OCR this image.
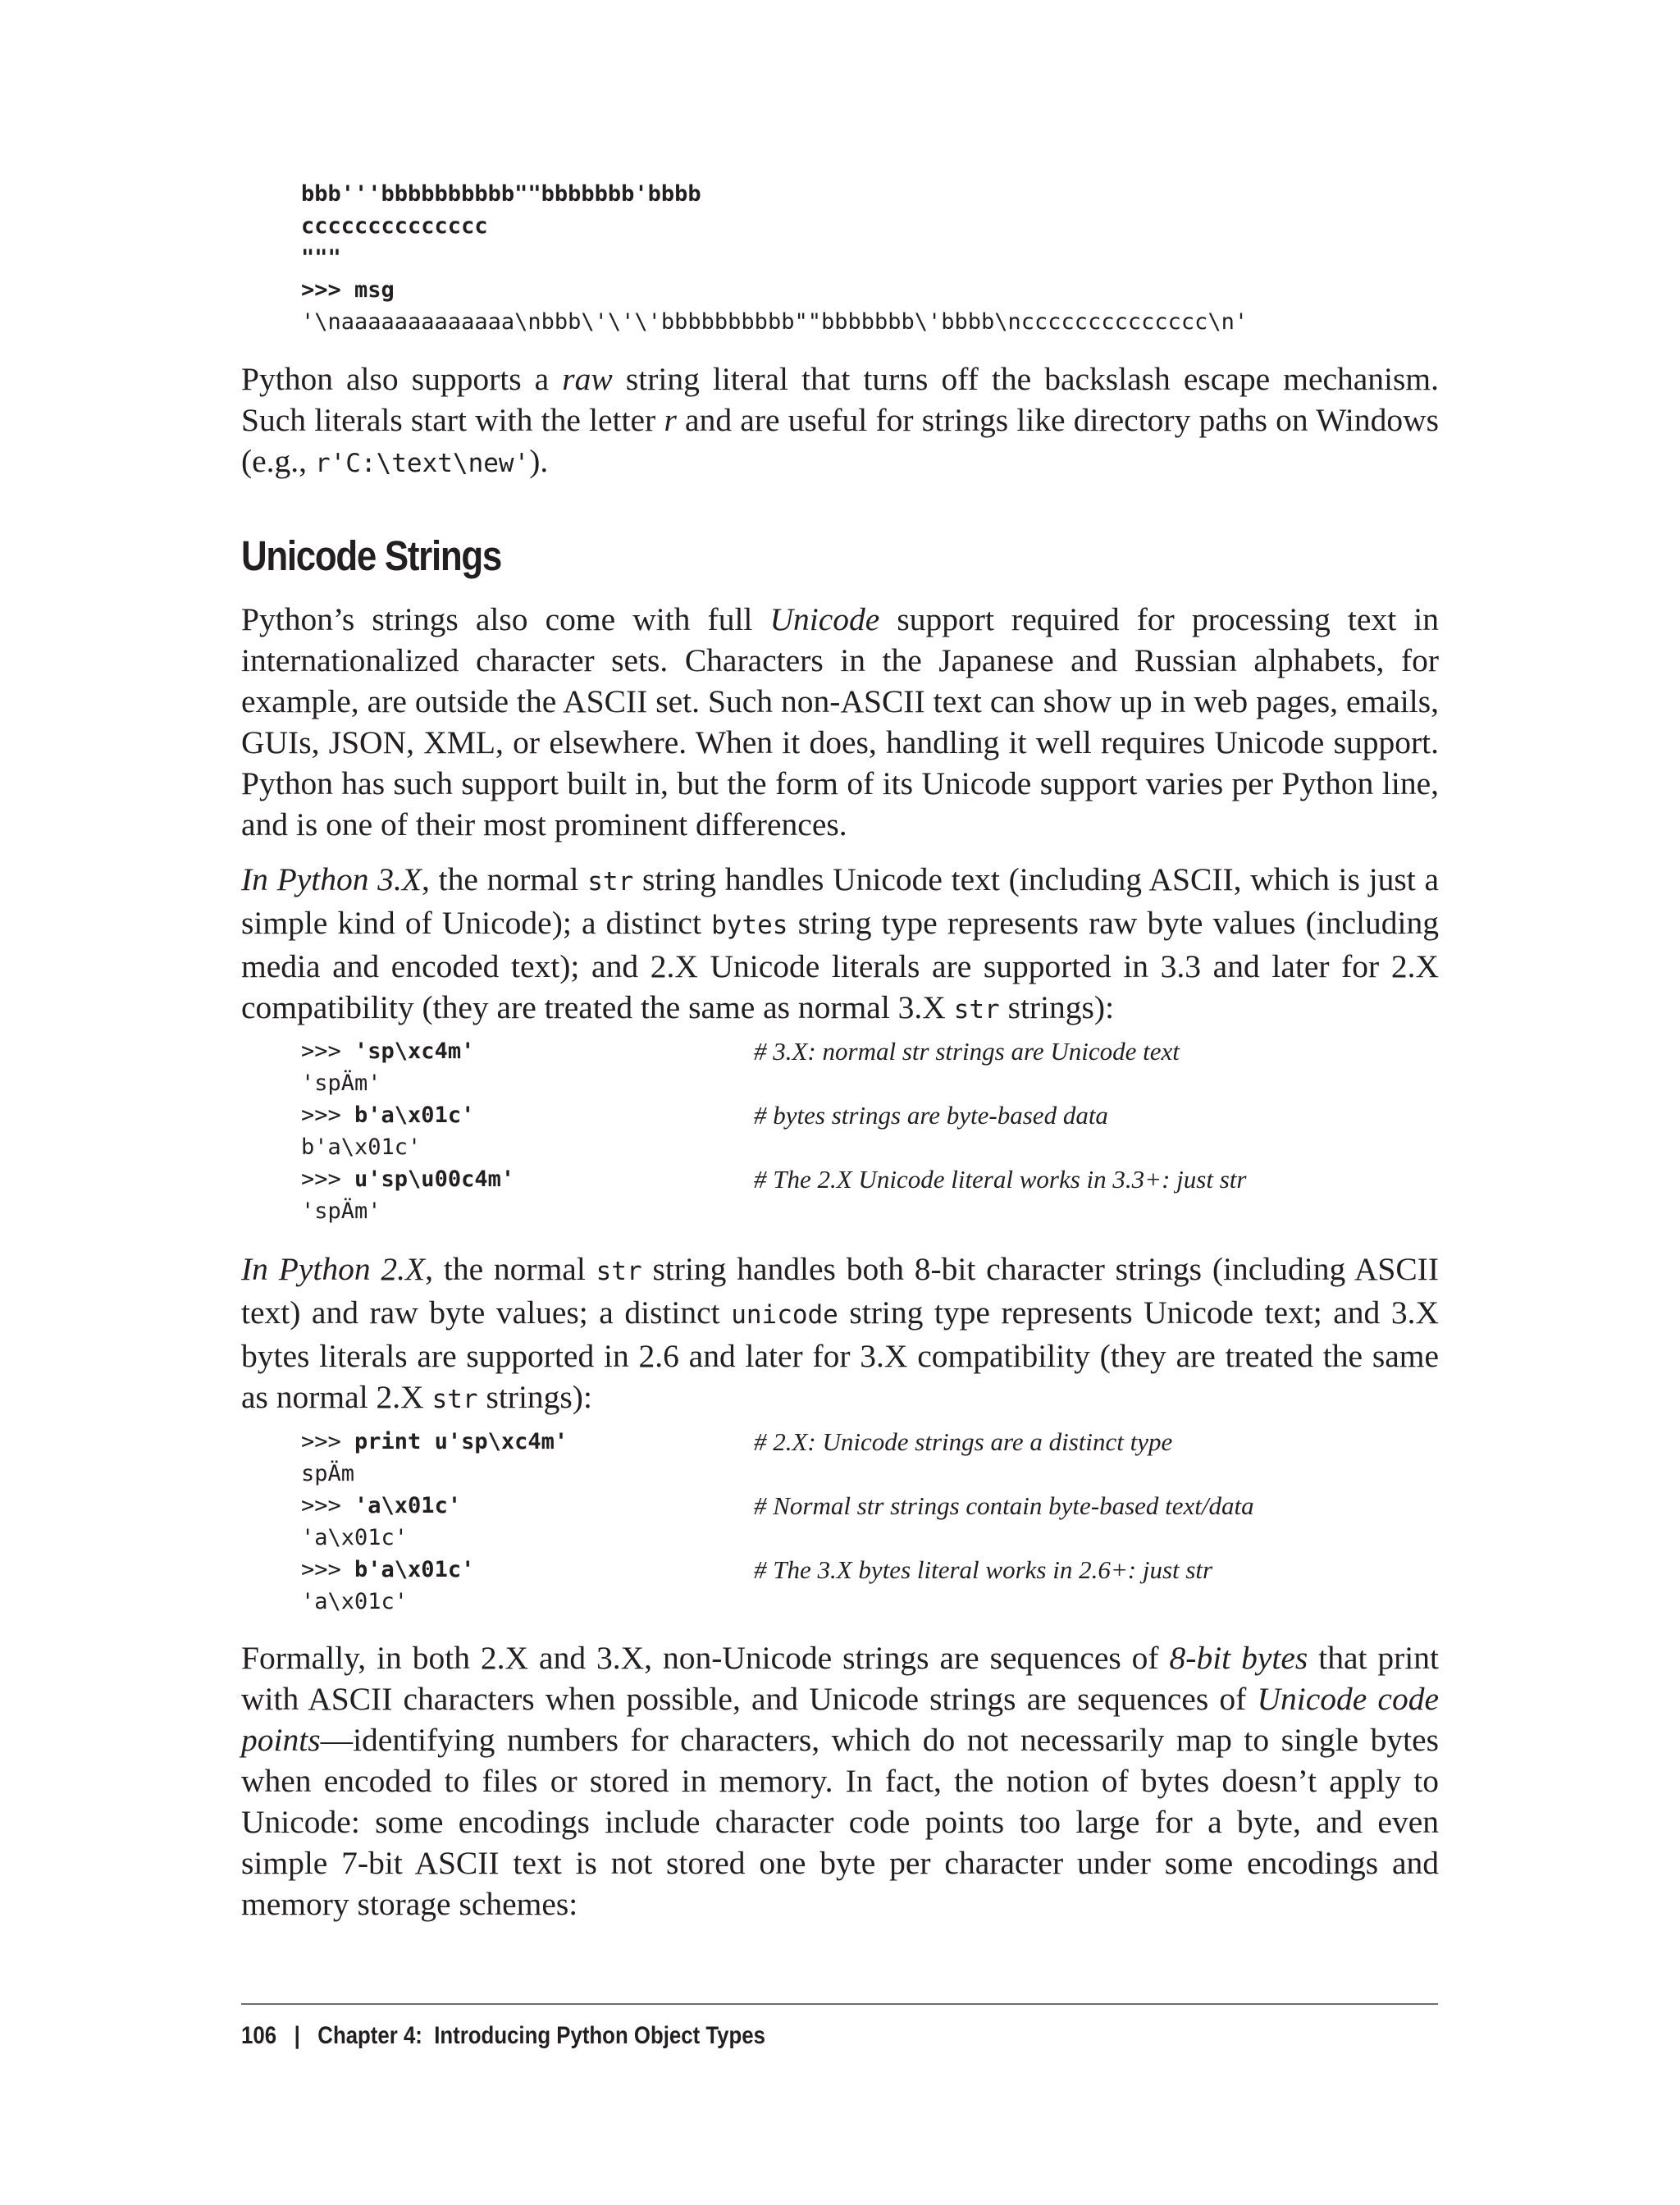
bbb'''bbbbbbbbbb""bbbbbbb'bbbb
cccccccccccccc
"""
>>> msg
'\naaaaaaaaaaaaa\nbbb\'\'\'bbbbbbbbbb""bbbbbbb\'bbbb\ncccccccccccccc\n'

Python also supports a raw string literal that turns off the backslash escape mechanism. Such literals start with the letter r and are useful for strings like directory paths on Windows (e.g., r'C:\text\new').

Unicode Strings

Python’s strings also come with full Unicode support required for processing text in internationalized character sets. Characters in the Japanese and Russian alphabets, for example, are outside the ASCII set. Such non-ASCII text can show up in web pages, emails, GUIs, JSON, XML, or elsewhere. When it does, handling it well requires Unicode support. Python has such support built in, but the form of its Unicode support varies per Python line, and is one of their most prominent differences.

In Python 3.X, the normal str string handles Unicode text (including ASCII, which is just a simple kind of Unicode); a distinct bytes string type represents raw byte values (including media and encoded text); and 2.X Unicode literals are supported in 3.3 and later for 2.X compatibility (they are treated the same as normal 3.X str strings):

>>> 'sp\xc4m'	# 3.X: normal str strings are Unicode text
'spÄm'
>>> b'a\x01c'	# bytes strings are byte-based data
b'a\x01c'
>>> u'sp\u00c4m'	# The 2.X Unicode literal works in 3.3+: just str
'spÄm'

In Python 2.X, the normal str string handles both 8-bit character strings (including ASCII text) and raw byte values; a distinct unicode string type represents Unicode text; and 3.X bytes literals are supported in 2.6 and later for 3.X compatibility (they are treated the same as normal 2.X str strings):

>>> print u'sp\xc4m'	# 2.X: Unicode strings are a distinct type
spÄm
>>> 'a\x01c'	# Normal str strings contain byte-based text/data
'a\x01c'
>>> b'a\x01c'	# The 3.X bytes literal works in 2.6+: just str
'a\x01c'

Formally, in both 2.X and 3.X, non-Unicode strings are sequences of 8-bit bytes that print with ASCII characters when possible, and Unicode strings are sequences of Unicode code points—identifying numbers for characters, which do not necessarily map to single bytes when encoded to files or stored in memory. In fact, the notion of bytes doesn’t apply to Unicode: some encodings include character code points too large for a byte, and even simple 7-bit ASCII text is not stored one byte per character under some encodings and memory storage schemes:

106 | Chapter 4:  Introducing Python Object Types
